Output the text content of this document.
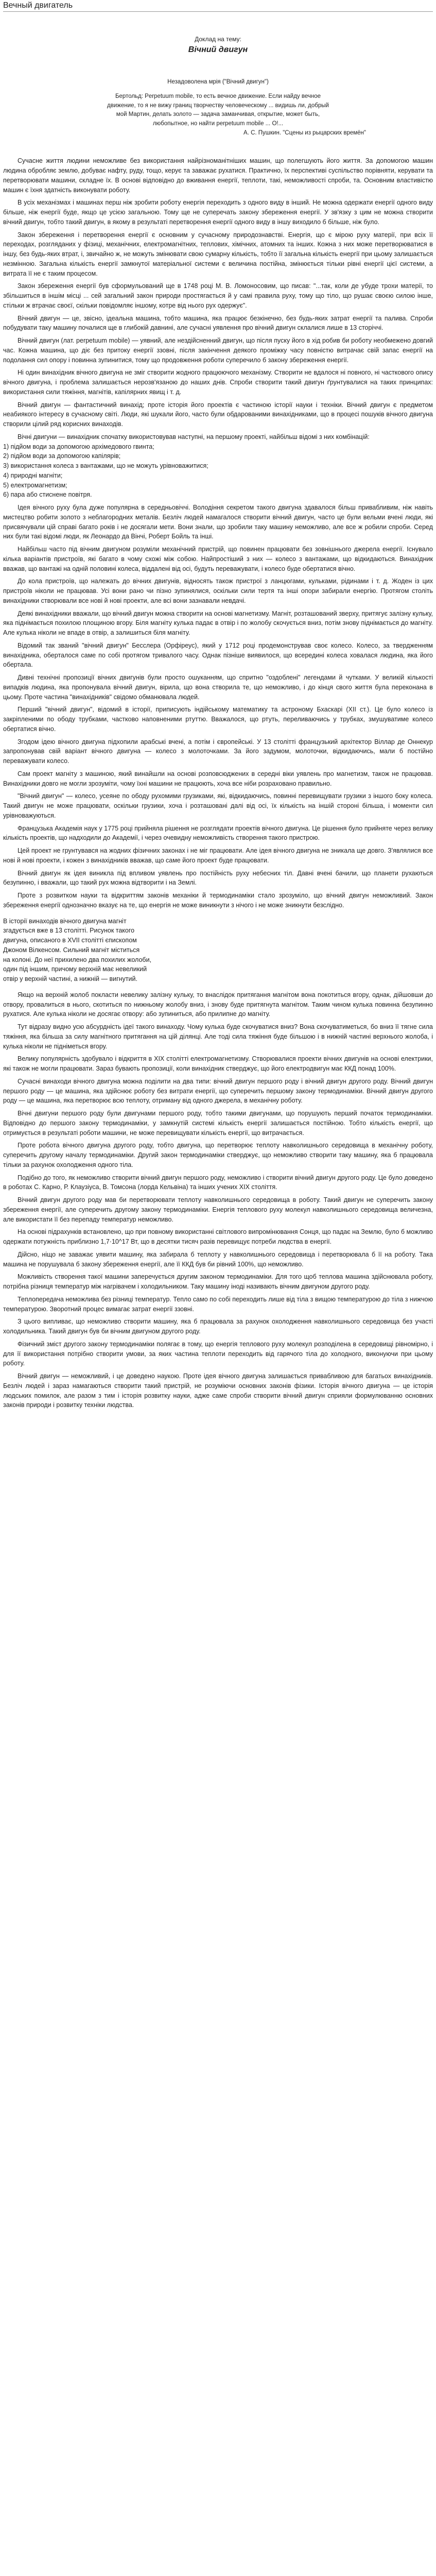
Вечный двигатель
Доклад на тему:
Вічний двигун
Незадоволена мрія ("Вічний двигун")
Бертольд: Perpetuum mobile, то есть вечное движение. Если найду вечное
движение, то я не вижу границ творчеству человеческому ... видишь ли, добрый
мой Мартин, делать золото — задача заманчивая, открытие, может быть,
любопытное, но найти perpetuum mobile ... О!...
А. С. Пушкин. "Сцены из рыцарских времён"

Сучасне життя людини неможливе без використання найрізноманітніших машин, що полегшують його життя. За допомогою машин людина обробляє землю, добуває нафту, руду, тощо, керує та заважає рухатися. Практично, їх перспективі суспільство порівняти, керувати та перетворювати машини, складне їх. В основі відповідно до вживання енергії, теплоти, такі, неможливості спроби, та. Основним властивістю машин є їхня здатність виконувати роботу.

В усіх механізмах і машинах перш ніж зробити роботу енергія переходить з одного виду в інший. Не можна одержати енергії одного виду більше, ніж енергії буде, якщо це усією загальною. Тому ще не суперечать закону збереження енергії. У зв'язку з цим не можна створити вічний двигун, тобто такий двигун, в якому в результаті перетворення енергії одного виду в іншу виходило б більше, ніж було.

Закон збереження і перетворення енергії є основним у сучасному природознавстві. Енергія, що є мірою руху матерії, при всіх її переходах, розгляданих у фізиці, механічних, електромагнітних, теплових, хімічних, атомних та інших. Кожна з них може перетворюватися в іншу, без будь-яких втрат, і, звичайно ж, не можуть змінювати свою сумарну кількість, тобто її загальна кількість енергії при цьому залишається незмінною. Загальна кількість енергії замкнутої матеріальної системи є величина постійна, змінюється тільки рівні енергії цієї системи, а витрата її не є таким процесом.

Закон збереження енергії був сформульований ще в 1748 році М. В. Ломоносовим, що писав: "...так, коли де убуде трохи матерії, то збільшиться в іншім місці ... сей загальний закон природи простягається й у самі правила руху, тому що тіло, що рушає своєю силою інше, стільки ж втрачає своєї, скільки повідомляє іншому, котре від нього рух одержує".

Вічний двигун — це, звісно, ідеальна машина, тобто машина, яка працює безкінечно, без будь-яких затрат енергії та палива. Спроби побудувати таку машину почалися ще в глибокій давнині, але сучасні уявлення про вічний двигун склалися лише в 13 сторіччі.

Вічний двигун (лат. perpetuum mobile) — уявний, але нездійсненний двигун, що після пуску його в хід робив би роботу необмежено довгий час. Кожна машина, що діє без притоку енергії ззовні, після закінчення деякого проміжку часу повністю витрачає свій запас енергії на подолання сил опору і повинна зупинитися, тому що продовження роботи суперечило б закону збереження енергії.

Ні один винахідник вічного двигуна не зміг створити жодного працюючого механізму. Створити не вдалося ні повного, ні часткового опису вічного двигуна, і проблема залишається нерозв'язаною до наших днів. Спроби створити такий двигун ґрунтувалися на таких принципах: використання сили тяжіння, магнітів, капілярних явищ і т. д.

Вічний двигун — фантастичний винахід; проте історія його проектів є частиною історії науки і техніки. Вічний двигун є предметом неабиякого інтересу в сучасному світі. Люди, які шукали його, часто були обдарованими винахідниками, що в процесі пошуків вічного двигуна створили цілий ряд корисних винаходів.

Вічні двигуни — винахідник спочатку використовував наступні, на першому проекті, найбільш відомі з них комбінацій:

1) підйом води за допомогою архімедового гвинта;
2) підйом води за допомогою капілярів;
3) використання колеса з вантажами, що не можуть урівноважитися;
4) природні магніти;
5) електромагнетизм;
6) пара або стиснене повітря.

Ідея вічного руху була дуже популярна в середньовіччі. Володіння секретом такого двигуна здавалося більш привабливим, ніж навіть мистецтво робити золото з неблагородних металів. Безліч людей намагалося створити вічний двигун, часто це були вельми вчені люди, які присвячували цій справі багато років і не досягали мети. Вони знали, що зробили таку машину неможливо, але все ж робили спроби. Серед них були такі відомі люди, як Леонардо да Вінчі, Роберт Бойль та інші.

Найбільш часто під вічним двигуном розуміли механічний пристрій, що повинен працювати без зовнішнього джерела енергії. Існувало кілька варіантів пристроїв, які багато в чому схожі між собою. Найпростіший з них — колесо з вантажами, що відкидаються. Винахідник вважав, що вантажі на одній половині колеса, віддалені від осі, будуть переважувати, і колесо буде обертатися вічно.

До кола пристроїв, що належать до вічних двигунів, відносять також пристрої з ланцюгами, кульками, рідинами і т. д. Жоден із цих пристроїв ніколи не працював. Усі вони рано чи пізно зупинялися, оскільки сили тертя та інші опори забирали енергію. Протягом століть винахідники створювали все нові й нові проекти, але всі вони зазнавали невдачі.

Деякі винахідники вважали, що вічний двигун можна створити на основі магнетизму. Магніт, розташований зверху, притягує залізну кульку, яка піднімається похилою площиною вгору. Біля магніту кулька падає в отвір і по жолобу скочується вниз, потім знову піднімається до магніту. Але кулька ніколи не впаде в отвір, а залишиться біля магніту.

Відомий так званий "вічний двигун" Бесслера (Орфіреус), який у 1712 році продемонстрував своє колесо. Колесо, за твердженням винахідника, оберталося саме по собі протягом тривалого часу. Однак пізніше виявилося, що всередині колеса ховалася людина, яка його обертала.

Дивні технічні пропозиції вічних двигунів були просто ошуканням, що спритно "оздоблені" легендами й чутками. У великій кількості випадків людина, яка пропонувала вічний двигун, вірила, що вона створила те, що неможливо, і до кінця свого життя була переконана в цьому. Проте частина "винахідників" свідомо обманювала людей.

Перший "вічний двигун", відомий в історії, приписують індійському математику та астроному Бхаскарі (XII ст.). Це було колесо із закріпленими по ободу трубками, частково наповненими ртуттю. Вважалося, що ртуть, переливаючись у трубках, змушуватиме колесо обертатися вічно.

Згодом ідею вічного двигуна підхопили арабські вчені, а потім і європейські. У 13 столітті французький архітектор Віллар де Оннекур запропонував свій варіант вічного двигуна — колесо з молоточками. За його задумом, молоточки, відкидаючись, мали б постійно переважувати колесо.

Сам проект магніту з машиною, який винайшли на основі розповсюджених в середні віки уявлень про магнетизм, також не працював. Винахідники довго не могли зрозуміти, чому їхні машини не працюють, хоча все ніби розраховано правильно.

"Вічний двигун" — колесо, усеяне по ободу рухомими грузиками, які, відкидаючись, повинні перевищувати грузики з іншого боку колеса. Такий двигун не може працювати, оскільки грузики, хоча і розташовані далі від осі, їх кількість на іншій стороні більша, і моменти сил урівноважуються.

Французька Академія наук у 1775 році прийняла рішення не розглядати проектів вічного двигуна. Це рішення було прийняте через велику кількість проектів, що надходили до Академії, і через очевидну неможливість створення такого пристрою.

Цей проект не грунтувався на жодних фізичних законах і не міг працювати. Але ідея вічного двигуна не зникала ще довго. З'являлися все нові й нові проекти, і кожен з винахідників вважав, що саме його проект буде працювати.

Вічний двигун як ідея виникла під впливом уявлень про постійність руху небесних тіл. Давні вчені бачили, що планети рухаються безупинно, і вважали, що такий рух можна відтворити і на Землі.

Проте з розвитком науки та відкриттям законів механіки й термодинаміки стало зрозуміло, що вічний двигун неможливий. Закон збереження енергії однозначно вказує на те, що енергія не може виникнути з нічого і не може зникнути безслідно.

В історії винаходів вічного двигуна магніт
згадується вже в 13 столітті. Рисунок такого
двигуна, описаного в XVII столітті єпископом
Джоном Вілкенсом. Сильний магніт міститься
на колоні. До неї прихилено два похилих жолоби,
один під іншим, причому верхній має невеликий
отвір у верхній частині, а нижній — вигнутий.

Якщо на верхній жолоб покласти невелику залізну кульку, то внаслідок притягання магнітом вона покотиться вгору, однак, дійшовши до отвору, провалиться в нього, скотиться по нижньому жолобу вниз, і знову буде притягнута магнітом. Таким чином кулька повинна безупинно рухатися. Але кулька ніколи не досягає отвору: або зупиниться, або прилипне до магніту.

Тут відразу видно усю абсурдність ідеї такого винаходу. Чому кулька буде скочуватися вниз? Вона скочуватиметься, бо вниз її тягне сила тяжіння, яка більша за силу магнітного притягання на цій ділянці. Але тоді сила тяжіння буде більшою і в нижній частині верхнього жолоба, і кулька ніколи не підніметься вгору.

Велику популярність здобувало і відкриття в XIX столітті електромагнетизму. Створювалися проекти вічних двигунів на основі електрики, які також не могли працювати. Зараз бувають пропозиції, коли винахідник стверджує, що його електродвигун має ККД понад 100%.

Сучасні винаходи вічного двигуна можна поділити на два типи: вічний двигун першого роду і вічний двигун другого роду. Вічний двигун першого роду — це машина, яка здійснює роботу без витрати енергії, що суперечить першому закону термодинаміки. Вічний двигун другого роду — це машина, яка перетворює всю теплоту, отриману від одного джерела, в механічну роботу.

Вічні двигуни першого роду були двигунами першого роду, тобто такими двигунами, що порушують перший початок термодинаміки. Відповідно до першого закону термодинаміки, у замкнутій системі кількість енергії залишається постійною. Тобто кількість енергії, що отримується в результаті роботи машини, не може перевищувати кількість енергії, що витрачається.

Проте робота вічного двигуна другого роду, тобто двигуна, що перетворює теплоту навколишнього середовища в механічну роботу, суперечить другому началу термодинаміки. Другий закон термодинаміки стверджує, що неможливо створити таку машину, яка б працювала тільки за рахунок охолодження одного тіла.

Подібно до того, як неможливо створити вічний двигун першого роду, неможливо і створити вічний двигун другого роду. Це було доведено в роботах С. Карно, Р. Клаузіуса, В. Томсона (лорда Кельвіна) та інших учених XIX століття.

Вічний двигун другого роду мав би перетворювати теплоту навколишнього середовища в роботу. Такий двигун не суперечить закону збереження енергії, але суперечить другому закону термодинаміки. Енергія теплового руху молекул навколишнього середовища величезна, але використати її без перепаду температур неможливо.

На основі підрахунків встановлено, що при повному використанні світлового випромінювання Сонця, що падає на Землю, було б можливо одержати потужність приблизно 1,7·10^17 Вт, що в десятки тисяч разів перевищує потреби людства в енергії.

Дійсно, ніщо не заважає уявити машину, яка забирала б теплоту у навколишнього середовища і перетворювала б її на роботу. Така машина не порушувала б закону збереження енергії, але її ККД був би рівний 100%, що неможливо.

Можливість створення такої машини заперечується другим законом термодинаміки. Для того щоб теплова машина здійснювала роботу, потрібна різниця температур між нагрівачем і холодильником. Таку машину іноді називають вічним двигуном другого роду.

Теплопередача неможлива без різниці температур. Тепло само по собі переходить лише від тіла з вищою температурою до тіла з нижчою температурою. Зворотний процес вимагає затрат енергії ззовні.

З цього випливає, що неможливо створити машину, яка б працювала за рахунок охолодження навколишнього середовища без участі холодильника. Такий двигун був би вічним двигуном другого роду.

Фізичний зміст другого закону термодинаміки полягає в тому, що енергія теплового руху молекул розподілена в середовищі рівномірно, і для її використання потрібно створити умови, за яких частина теплоти переходить від гарячого тіла до холодного, виконуючи при цьому роботу.

Вічний двигун — неможливий, і це доведено наукою. Проте ідея вічного двигуна залишається привабливою для багатьох винахідників. Безліч людей і зараз намагаються створити такий пристрій, не розуміючи основних законів фізики. Історія вічного двигуна — це історія людських помилок, але разом з тим і історія розвитку науки, адже саме спроби створити вічний двигун сприяли формулюванню основних законів природи і розвитку техніки людства.
